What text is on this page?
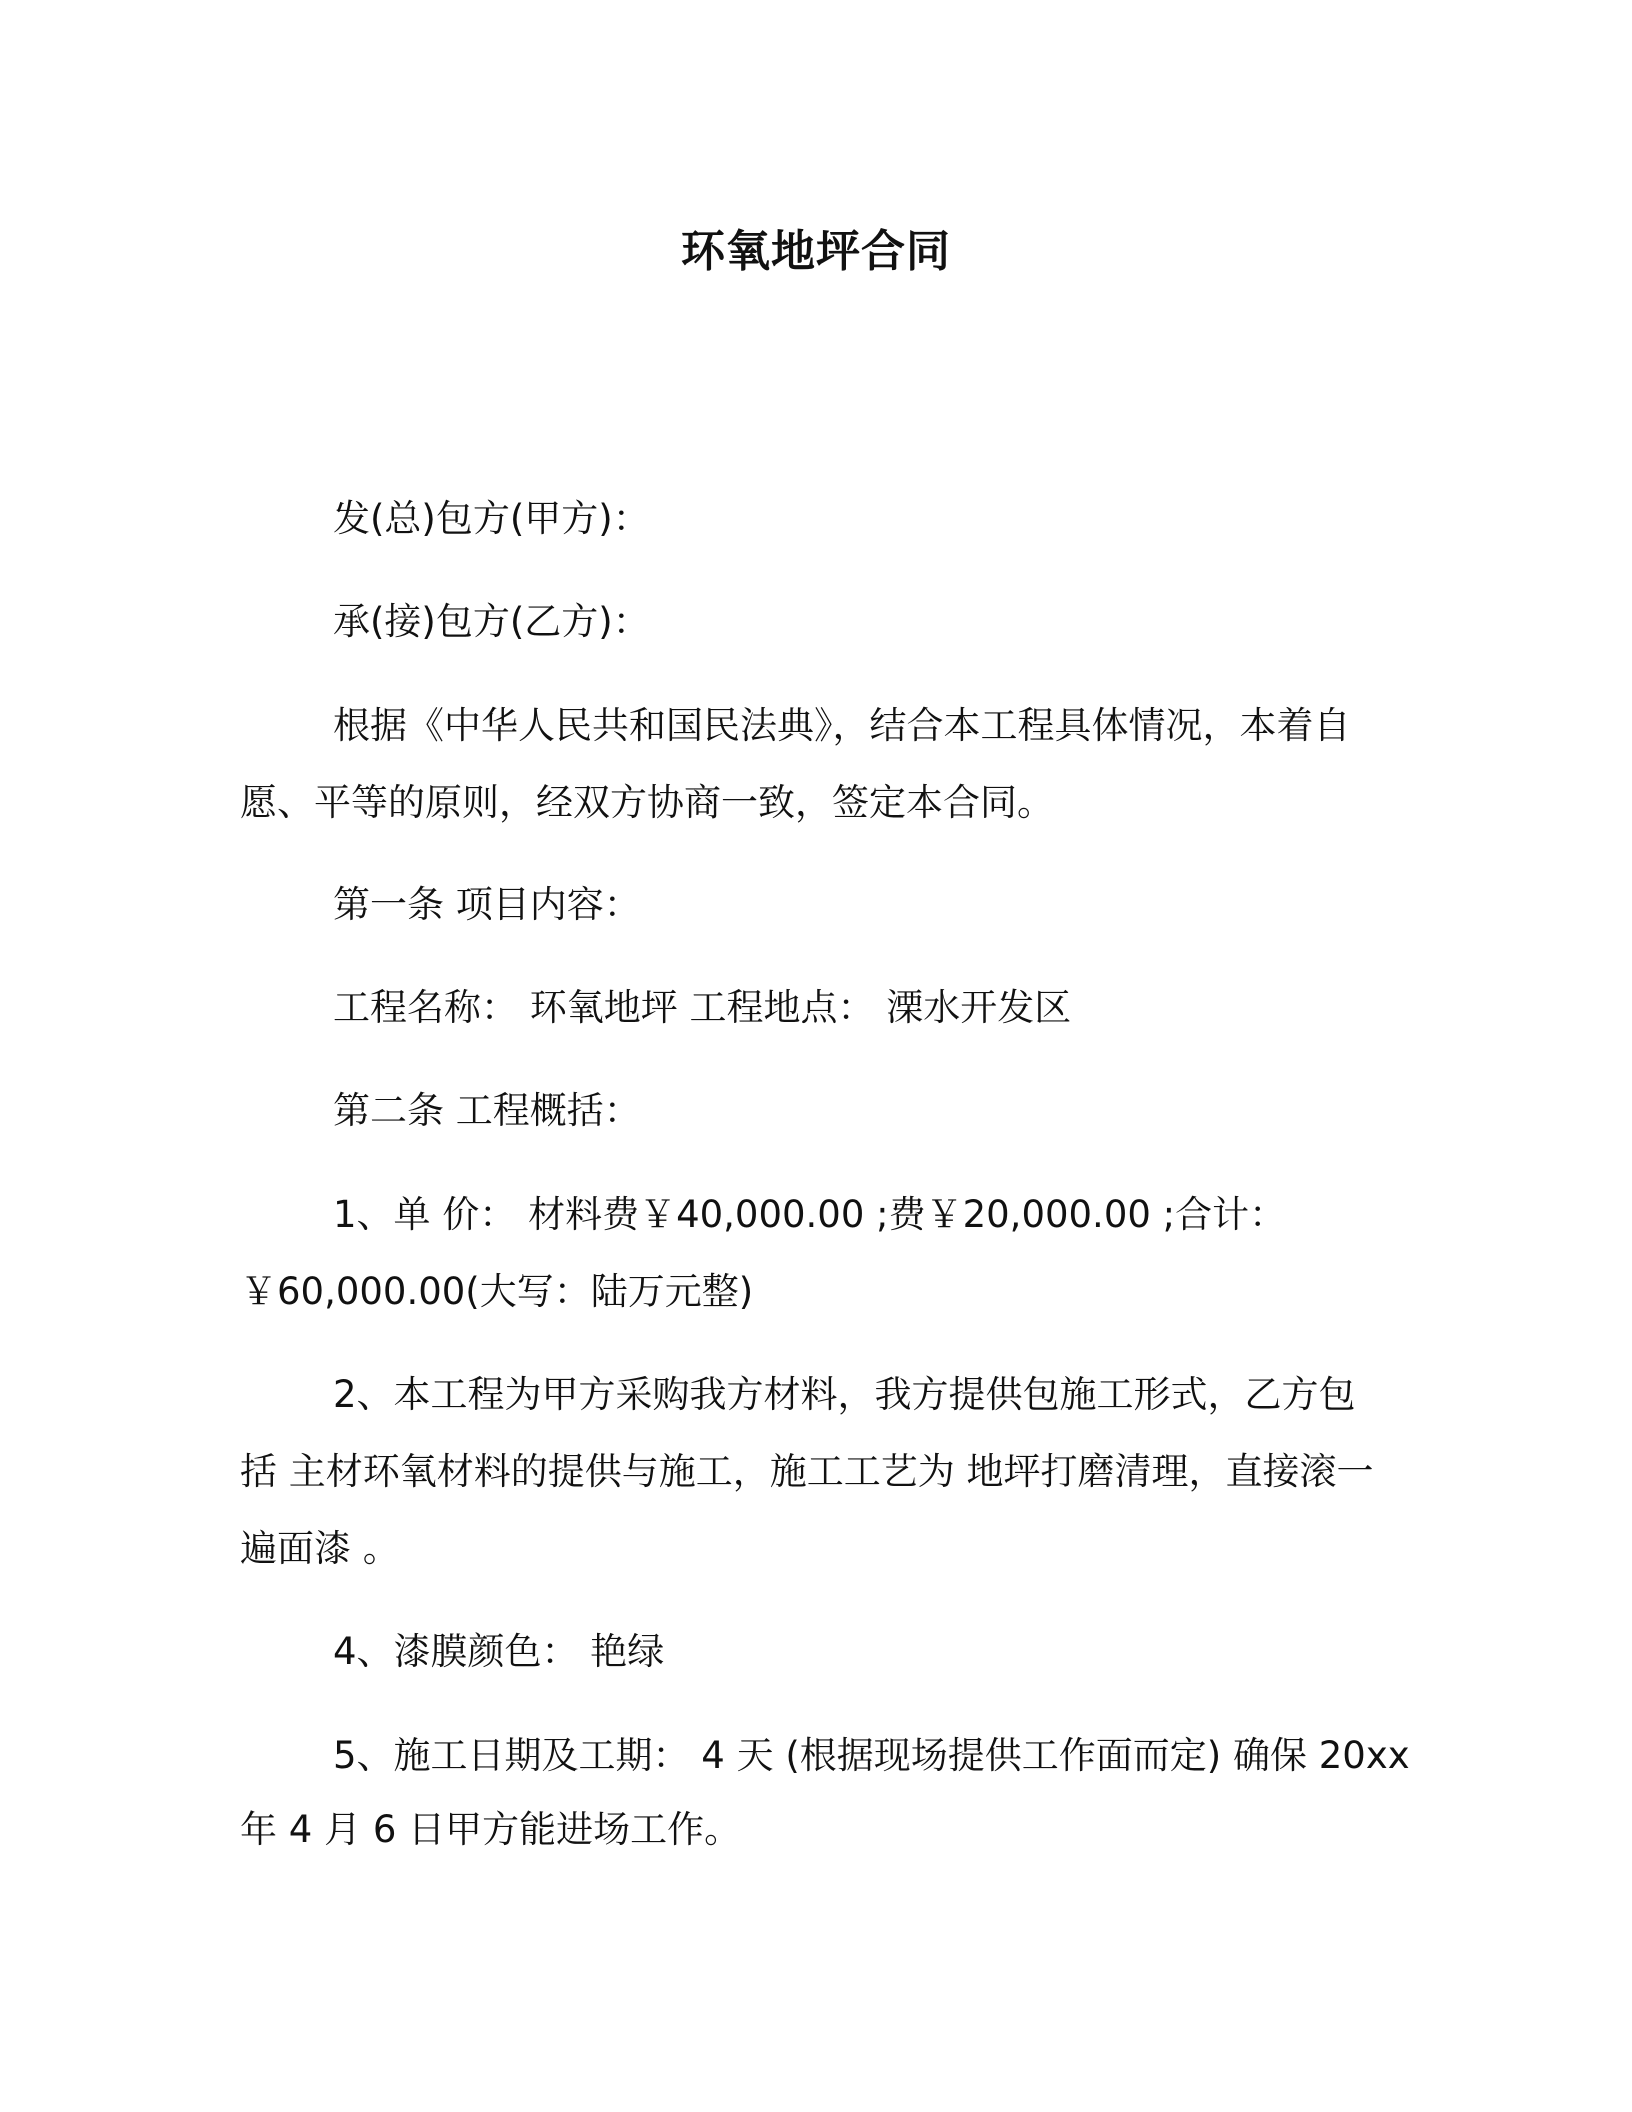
环氧地坪合同
发(总)包方(甲方)：
承(接)包方(乙方)：
根据《中华人民共和国民法典》，结合本工程具体情况，本着自
愿、平等的原则，经双方协商一致，签定本合同。
第一条 项目内容：
工程名称： 环氧地坪 工程地点： 溧水开发区
第二条 工程概括：
1、单 价： 材料费￥40,000.00 ;费￥20,000.00 ;合计：
￥60,000.00(大写：陆万元整)
2、本工程为甲方采购我方材料，我方提供包施工形式，乙方包
括 主材环氧材料的提供与施工，施工工艺为 地坪打磨清理，直接滚一
遍面漆 。
4、漆膜颜色： 艳绿
5、施工日期及工期： 4 天 (根据现场提供工作面而定) 确保 20xx
年 4 月 6 日甲方能进场工作。
